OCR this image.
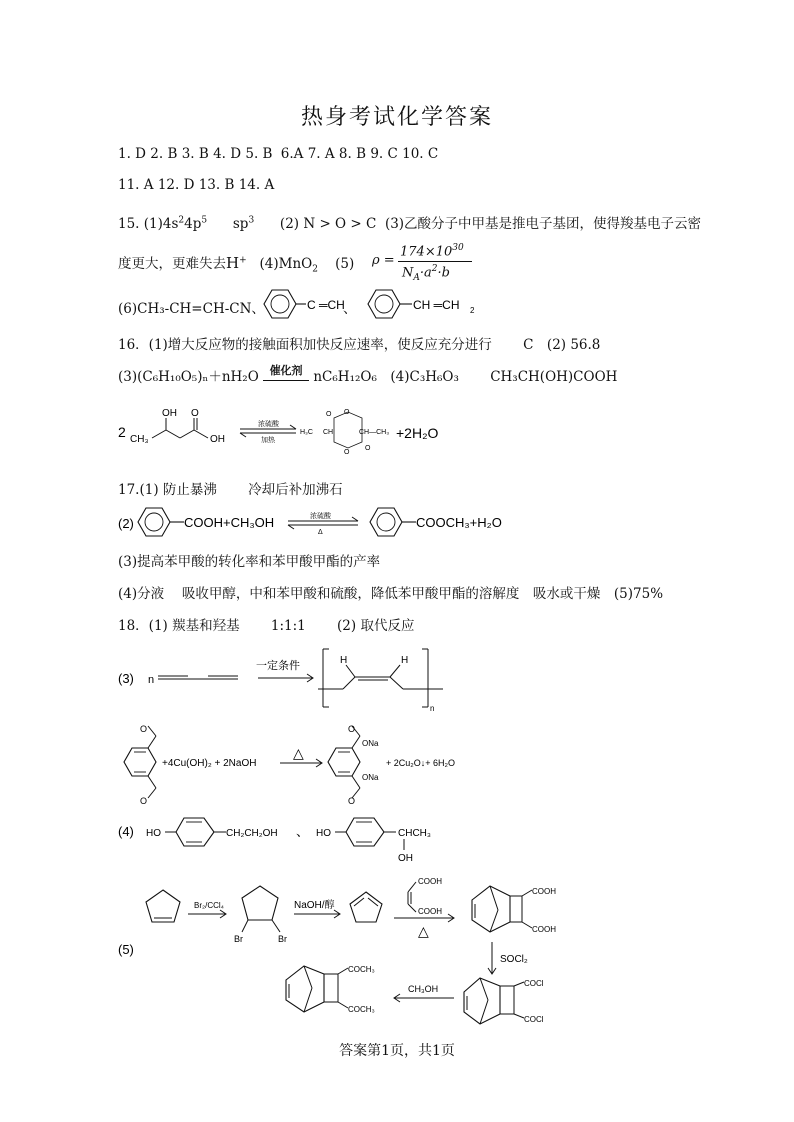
热身考试化学答案
1. D 2. B 3. B 4. D 5. B 6.A 7. A 8. B 9. C 10. C
11. A 12. D 13. B 14. A
15. $(1)4s^24p^5$ $sp^3$ (2) N > O > C (3)乙酸分子中甲基是推电子基团，使得羧基电子云密
度更大，更难失去H+ (4)MnO$_2$ (5) ρ =
$174\times 10^{30}$
$N_A\cdot a^2\cdot b$
(6)CH₃-CH=CH-CN、	C ═CH
、	CH ═CH 2
16．(1)增大反应物的接触面积加快反应速率，使反应充分进行　　 C　(2) 56.8
(3)(C₆H₁₀O₅)ₙ＋nH₂O 催化剂 nC₆H₁₂O₆　(4)C₃H₆O₃　　 CH₃CH(OH)COOH
2 CH₃
OH O
OH
浓硫酸
加热
H₃C CH	CH—CH₃
O
O
O
O
+2H₂O
17.(1) 防止暴沸　　 冷却后补加沸石
(2)	COOH+CH₃OH	浓硫酸
Δ
COOCH₃+H₂O
(3)提高苯甲酸的转化率和苯甲酸甲酯的产率
(4)分液　 吸收甲醇，中和苯甲酸和硫酸，降低苯甲酸甲酯的溶解度　吸水或干燥　(5)75%
18．(1) 羰基和羟基　　 1:1:1　　 (2) 取代反应
(3) n
一定条件	H	H
n
O
O
+4Cu(OH)₂ + 2NaOH
△
O
ONa
O
ONa
+ 2Cu₂O↓+ 6H₂O
(4) HO	CH₂CH₂OH 、 HO	CHCH₃
OH
(5)
Br₂/CCl₄
Br	Br
NaOH/醇
COOH
COOH
△
COOH
COOH
SOCl₂
COCl
COCl
CH₃OH
COCH₃
COCH₃
答案第1页，共1页
